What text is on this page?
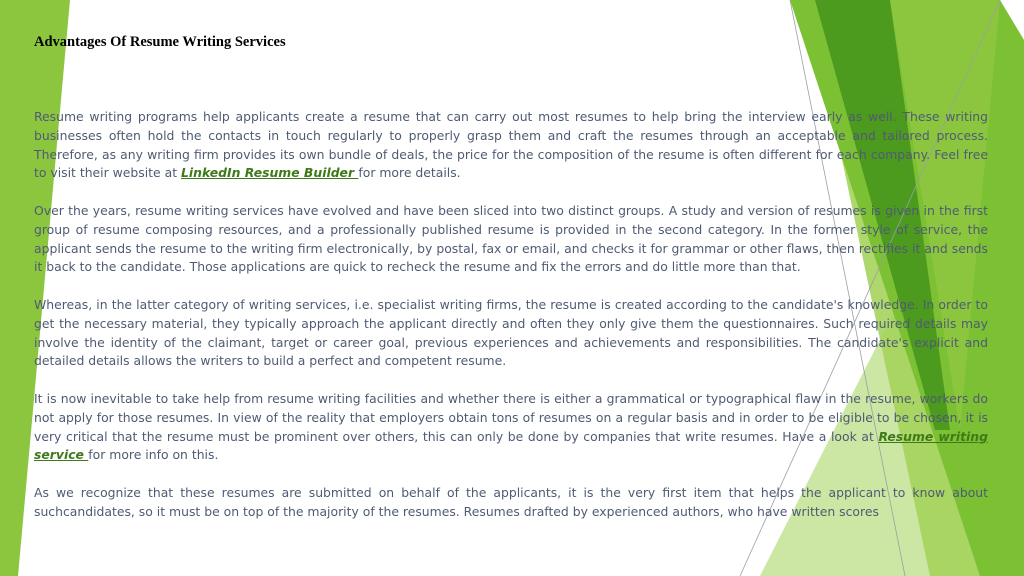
Advantages Of Resume Writing Services

Resume writing programs help applicants create a resume that can carry out most resumes to help bring the interview early as well. These writing businesses often hold the contacts in touch regularly to properly grasp them and craft the resumes through an acceptable and tailored process. Therefore, as any writing firm provides its own bundle of deals, the price for the composition of the resume is often different for each company. Feel free to visit their website at LinkedIn Resume Builder for more details.

Over the years, resume writing services have evolved and have been sliced into two distinct groups. A study and version of resumes is given in the first group of resume composing resources, and a professionally published resume is provided in the second category. In the former style of service, the applicant sends the resume to the writing firm electronically, by postal, fax or email, and checks it for grammar or other flaws, then rectifies it and sends it back to the candidate. Those applications are quick to recheck the resume and fix the errors and do little more than that.

Whereas, in the latter category of writing services, i.e. specialist writing firms, the resume is created according to the candidate's knowledge. In order to get the necessary material, they typically approach the applicant directly and often they only give them the questionnaires. Such required details may involve the identity of the claimant, target or career goal, previous experiences and achievements and responsibilities. The candidate's explicit and detailed details allows the writers to build a perfect and competent resume.

It is now inevitable to take help from resume writing facilities and whether there is either a grammatical or typographical flaw in the resume, workers do not apply for those resumes. In view of the reality that employers obtain tons of resumes on a regular basis and in order to be eligible to be chosen, it is very critical that the resume must be prominent over others, this can only be done by companies that write resumes. Have a look at Resume writing service for more info on this.

As we recognize that these resumes are submitted on behalf of the applicants, it is the very first item that helps the applicant to know about suchcandidates, so it must be on top of the majority of the resumes. Resumes drafted by experienced authors, who have written scores
